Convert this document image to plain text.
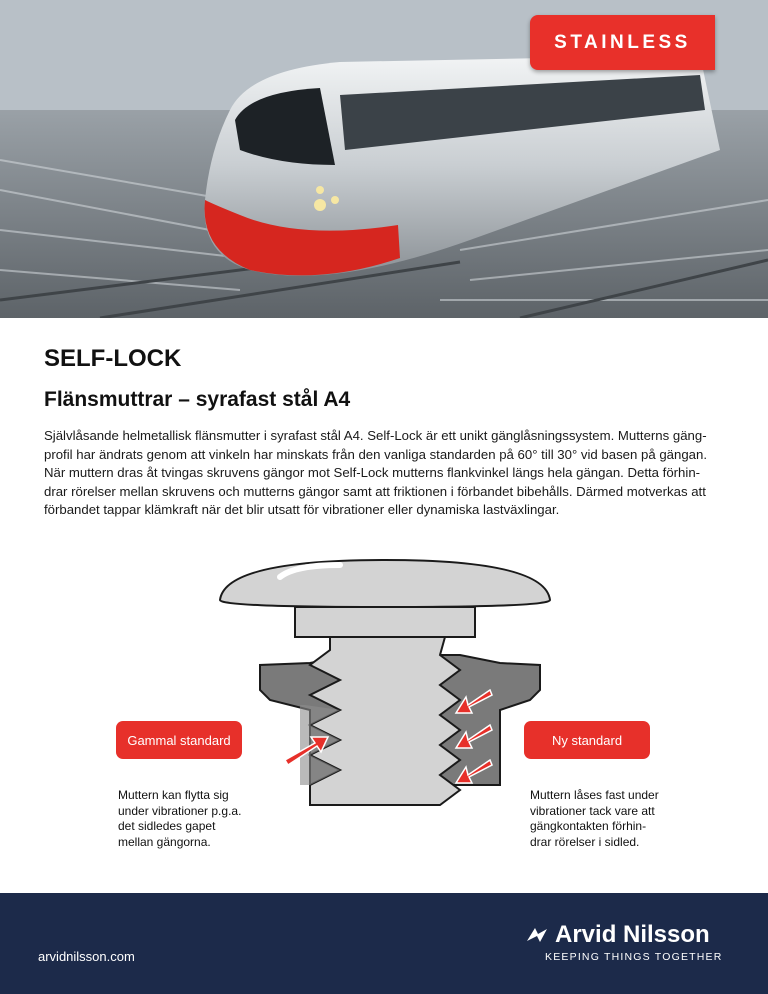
STAINLESS
SELF-LOCK
Flänsmuttrar – syrafast stål A4

Självlåsande helmetallisk flänsmutter i syrafast stål A4. Self-Lock är ett unikt gänglåsningssystem. Mutterns gäng-
profil har ändrats genom att vinkeln har minskats från den vanliga standarden på 60° till 30° vid basen på gängan.
När muttern dras åt tvingas skruvens gängor mot Self-Lock mutterns flankvinkel längs hela gängan. Detta förhin-
drar rörelser mellan skruvens och mutterns gängor samt att friktionen i förbandet bibehålls. Därmed motverkas att
förbandet tappar klämkraft när det blir utsatt för vibrationer eller dynamiska lastväxlingar.

Gammal standard	Ny standard
Muttern kan flytta sig
under vibrationer p.g.a.
det sidledes gapet
mellan gängorna.
Muttern låses fast under
vibrationer tack vare att
gängkontakten förhin-
drar rörelser i sidled.
arvidnilsson.com
Arvid Nilsson
KEEPING THINGS TOGETHER
